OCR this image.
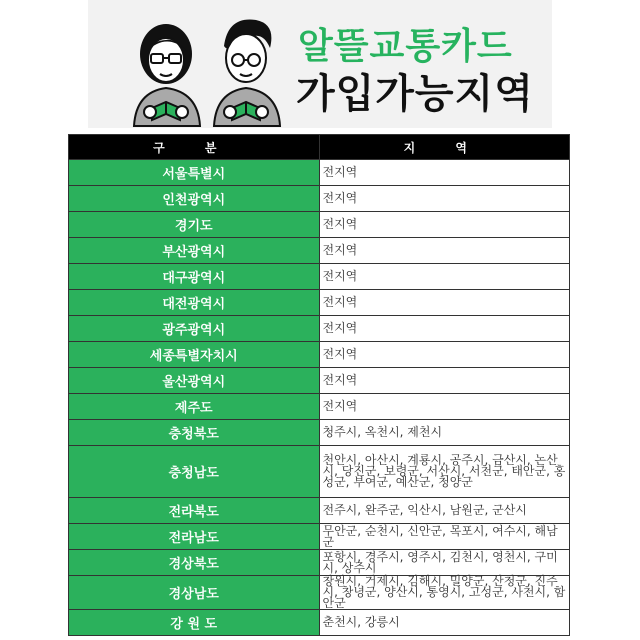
알뜰교통카드
가입가능지역
구 분	지 역
서울특별시	전지역
인천광역시	전지역
경기도	전지역
부산광역시	전지역
대구광역시	전지역
대전광역시	전지역
광주광역시	전지역
세종특별자치시	전지역
울산광역시	전지역
제주도	전지역
충청북도	청주시, 옥천시, 제천시
충청남도	천안시, 아산시, 계룡시, 공주시, 금산시, 논산시, 당진군, 보령군, 서산시, 서천군, 태안군, 홍성군, 부여군, 예산군, 청양군
전라북도	전주시, 완주군, 익산시, 남원군, 군산시
전라남도	무안군, 순천시, 신안군, 목포시, 여수시, 해남군
경상북도	포항시, 경주시, 영주시, 김천시, 영천시, 구미시, 상주시
경상남도	창원시, 거제시, 김해시, 밀양군, 산청군, 진주시, 창녕군, 양산시, 통영시, 고성군, 사천시, 함안군
강 원 도	춘천시, 강릉시
